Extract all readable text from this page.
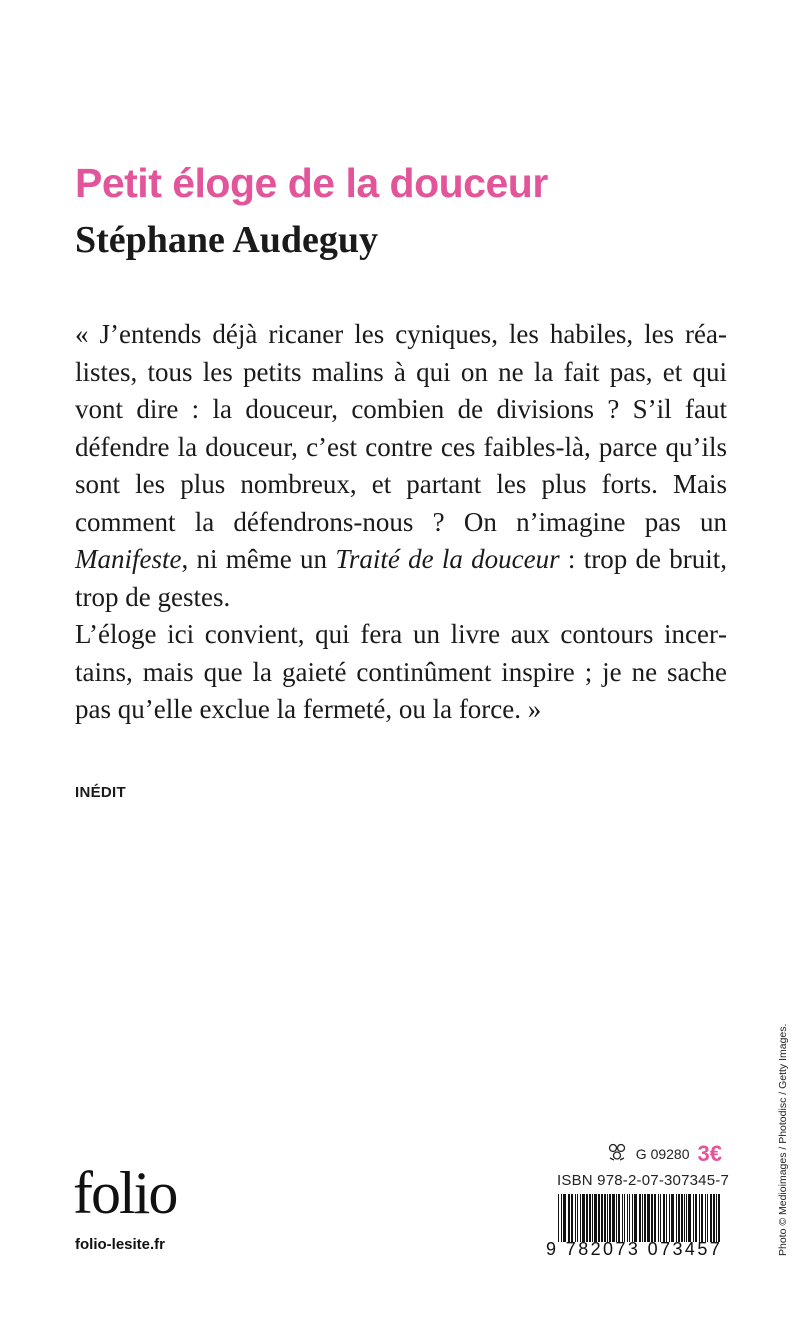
Petit éloge de la douceur
Stéphane Audeguy

« J’entends déjà ricaner les cyniques, les habiles, les réalistes, tous les petits malins à qui on ne la fait pas, et qui vont dire : la douceur, combien de divisions ? S’il faut défendre la douceur, c’est contre ces faibles-là, parce qu’ils sont les plus nombreux, et partant les plus forts. Mais comment la défendrons-nous ? On n’imagine pas un Manifeste, ni même un Traité de la douceur : trop de bruit, trop de gestes.

L’éloge ici convient, qui fera un livre aux contours incertains, mais que la gaieté continûment inspire ; je ne sache pas qu’elle exclue la fermeté, ou la force. »

INÉDIT
Photo © Medioimages / Photodisc / Getty Images.
folio
folio-lesite.fr
G 09280 3€
ISBN 978-2-07-307345-7
9 782073 073457
